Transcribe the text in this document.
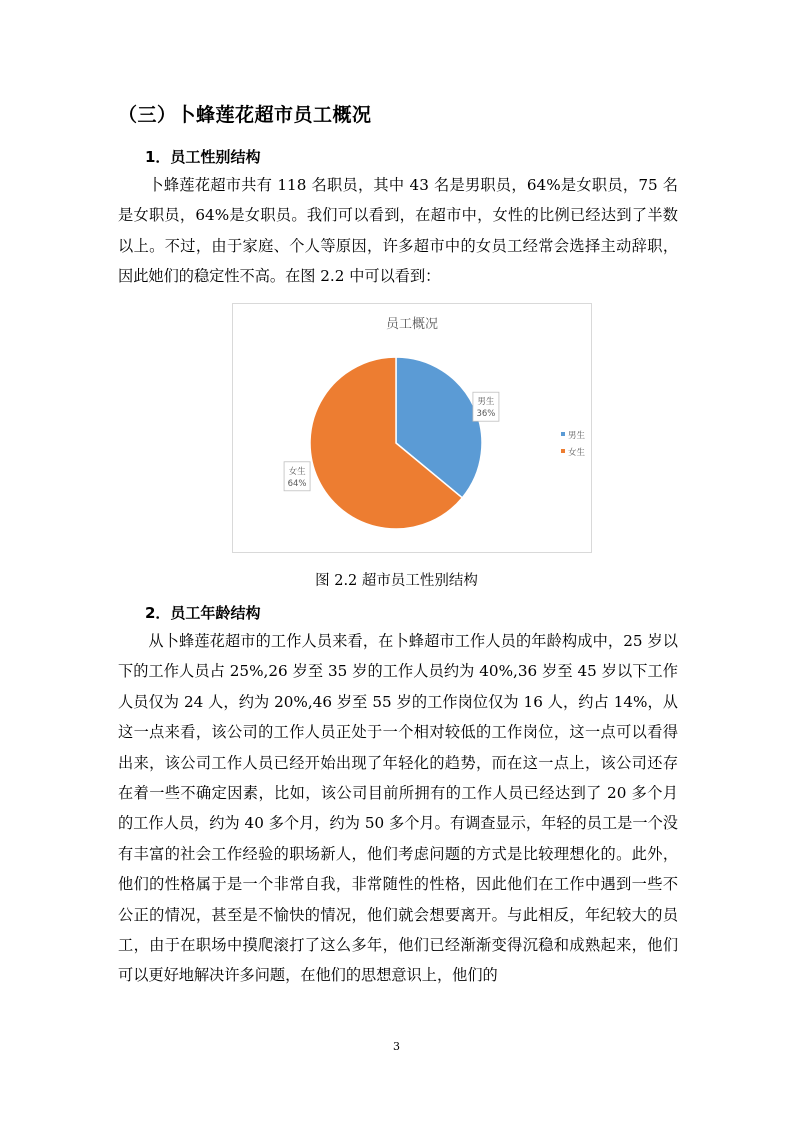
（三）卜蜂莲花超市员工概况
1．员工性别结构

卜蜂莲花超市共有 118 名职员，其中 43 名是男职员，64%是女职员，75 名是女职员，64%是女职员。我们可以看到，在超市中，女性的比例已经达到了半数以上。不过，由于家庭、个人等原因，许多超市中的女员工经常会选择主动辞职，因此她们的稳定性不高。在图 2.2 中可以看到：

员工概况
男生
36%
女生
64%
男生
女生
图 2.2 超市员工性别结构
2．员工年龄结构

从卜蜂莲花超市的工作人员来看，在卜蜂超市工作人员的年龄构成中，25 岁以下的工作人员占 25%,26 岁至 35 岁的工作人员约为 40%,36 岁至 45 岁以下工作人员仅为 24 人，约为 20%,46 岁至 55 岁的工作岗位仅为 16 人，约占 14%，从这一点来看，该公司的工作人员正处于一个相对较低的工作岗位，这一点可以看得出来，该公司工作人员已经开始出现了年轻化的趋势，而在这一点上，该公司还存在着一些不确定因素，比如，该公司目前所拥有的工作人员已经达到了 20 多个月的工作人员，约为 40 多个月，约为 50 多个月。有调查显示，年轻的员工是一个没有丰富的社会工作经验的职场新人，他们考虑问题的方式是比较理想化的。此外，他们的性格属于是一个非常自我，非常随性的性格，因此他们在工作中遇到一些不公正的情况，甚至是不愉快的情况，他们就会想要离开。与此相反，年纪较大的员工，由于在职场中摸爬滚打了这么多年，他们已经渐渐变得沉稳和成熟起来，他们可以更好地解决许多问题，在他们的思想意识上，他们的

3
